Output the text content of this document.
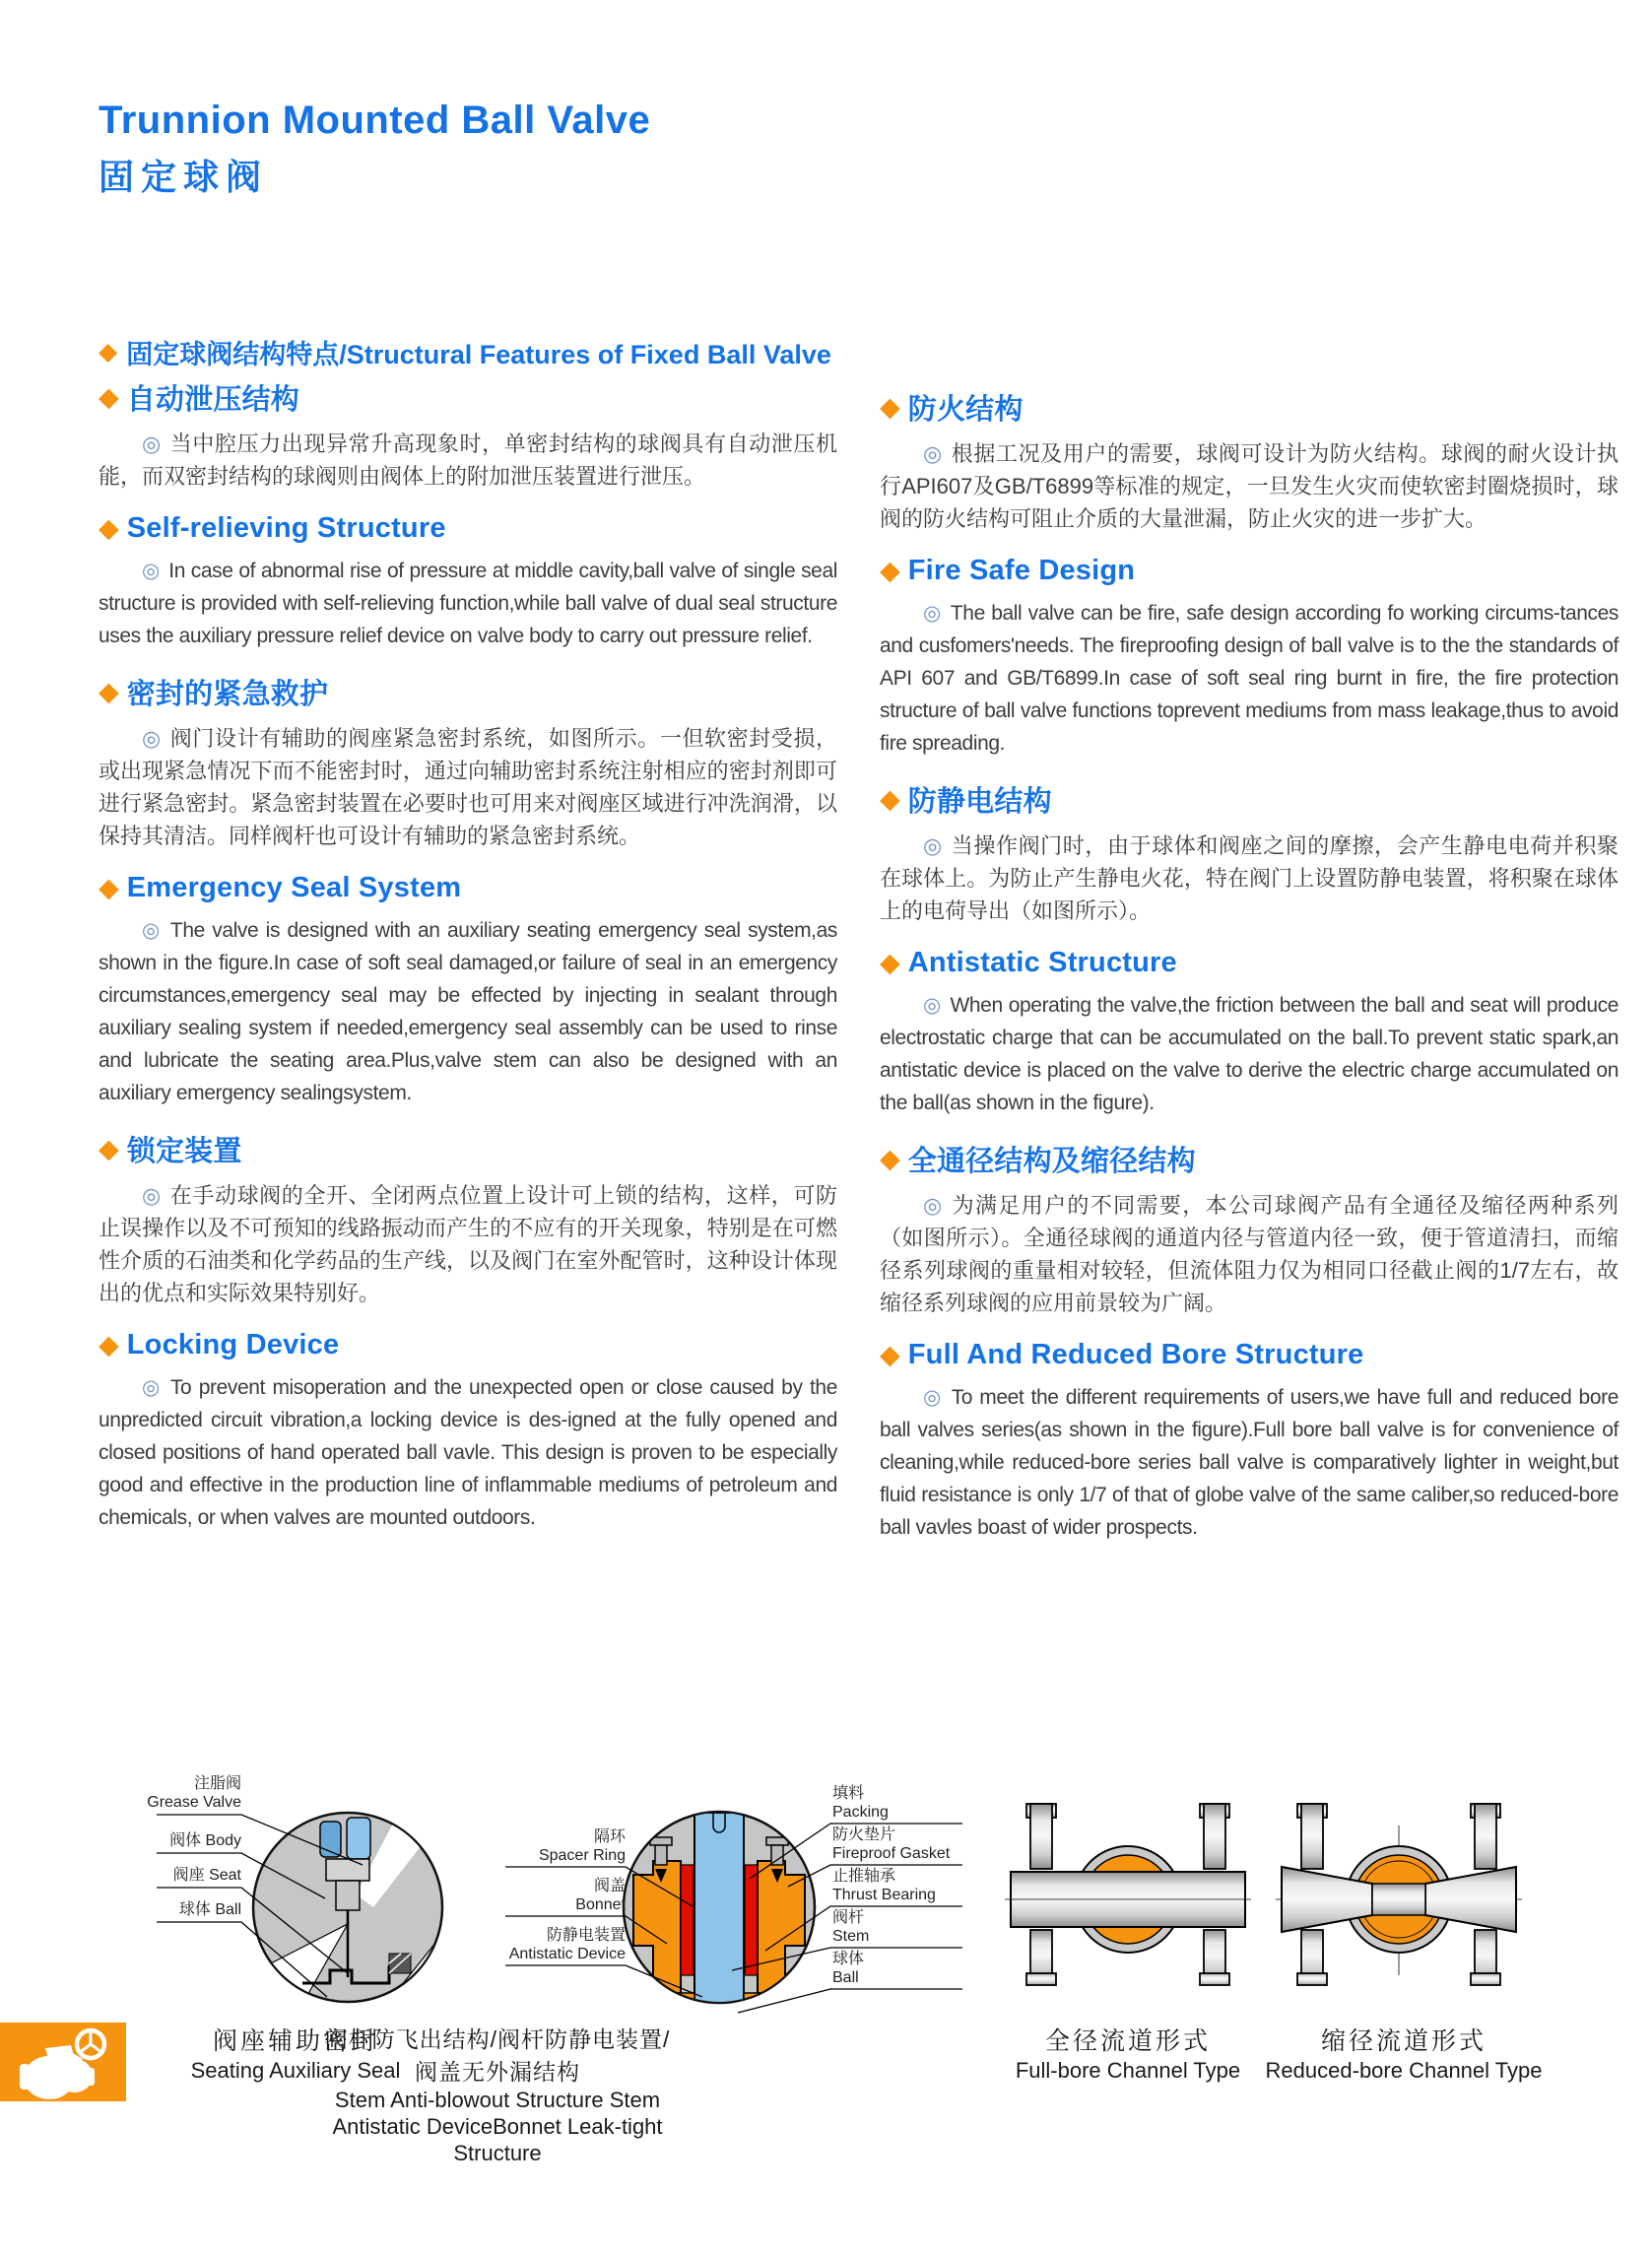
Trunnion Mounted Ball Valve
固定球阀
◆ 固定球阀结构特点/Structural Features of Fixed Ball Valve
◆ 自动泄压结构

◎ 当中腔压力出现异常升高现象时，单密封结构的球阀具有自动泄压机能，而双密封结构的球阀则由阀体上的附加泄压装置进行泄压。

◆ Self-relieving Structure

◎ In case of abnormal rise of pressure at middle cavity,ball valve of single seal structure is provided with self-relieving function,while ball valve of dual seal structure uses the auxiliary pressure relief device on valve body to carry out pressure relief.

◆ 密封的紧急救护

◎ 阀门设计有辅助的阀座紧急密封系统，如图所示。一但软密封受损，或出现紧急情况下而不能密封时，通过向辅助密封系统注射相应的密封剂即可进行紧急密封。紧急密封装置在必要时也可用来对阀座区域进行冲洗润滑，以保持其清洁。同样阀杆也可设计有辅助的紧急密封系统。

◆ Emergency Seal System

◎ The valve is designed with an auxiliary seating emergency seal system,as shown in the figure.In case of soft seal damaged,or failure of seal in an emergency circumstances,emergency seal may be effected by injecting in sealant through auxiliary sealing system if needed,emergency seal assembly can be used to rinse and lubricate the seating area.Plus,valve stem can also be designed with an auxiliary emergency sealingsystem.

◆ 锁定装置

◎ 在手动球阀的全开、全闭两点位置上设计可上锁的结构，这样，可防止误操作以及不可预知的线路振动而产生的不应有的开关现象，特别是在可燃性介质的石油类和化学药品的生产线，以及阀门在室外配管时，这种设计体现出的优点和实际效果特别好。

◆ Locking Device

◎ To prevent misoperation and the unexpected open or close caused by the unpredicted circuit vibration,a locking device is des-igned at the fully opened and closed positions of hand operated ball vavle. This design is proven to be especially good and effective in the production line of inflammable mediums of petroleum and chemicals, or when valves are mounted outdoors.

◆ 防火结构

◎ 根据工况及用户的需要，球阀可设计为防火结构。球阀的耐火设计执行API607及GB/T6899等标准的规定，一旦发生火灾而使软密封圈烧损时，球阀的防火结构可阻止介质的大量泄漏，防止火灾的进一步扩大。

◆ Fire Safe Design

◎ The ball valve can be fire, safe design according fo working circums-tances and cusfomers'needs. The fireproofing design of ball valve is to the the standards of API 607 and GB/T6899.In case of soft seal ring burnt in fire, the fire protection structure of ball valve functions toprevent mediums from mass leakage,thus to avoid fire spreading.

◆ 防静电结构

◎ 当操作阀门时，由于球体和阀座之间的摩擦，会产生静电电荷并积聚在球体上。为防止产生静电火花，特在阀门上设置防静电装置，将积聚在球体上的电荷导出（如图所示）。

◆ Antistatic Structure

◎ When operating the valve,the friction between the ball and seat will produce electrostatic charge that can be accumulated on the ball.To prevent static spark,an antistatic device is placed on the valve to derive the electric charge accumulated on the ball(as shown in the figure).

◆ 全通径结构及缩径结构

◎ 为满足用户的不同需要，本公司球阀产品有全通径及缩径两种系列（如图所示）。全通径球阀的通道内径与管道内径一致，便于管道清扫，而缩径系列球阀的重量相对较轻，但流体阻力仅为相同口径截止阀的1/7左右，故缩径系列球阀的应用前景较为广阔。

◆ Full And Reduced Bore Structure

◎ To meet the different requirements of users,we have full and reduced bore ball valves series(as shown in the figure).Full bore ball valve is for convenience of cleaning,while reduced-bore series ball valve is comparatively lighter in weight,but fluid resistance is only 1/7 of that of globe valve of the same caliber,so reduced-bore ball vavles boast of wider prospects.

注脂阀
Grease Valve
阀体 Body
阀座 Seat
球体 Ball
隔环
Spacer Ring
阀盖
Bonnet
防静电装置
Antistatic Device
填料
Packing
防火垫片
Fireproof Gasket
止推轴承
Thrust Bearing
阀杆
Stem
球体
Ball
阀座辅助密封
Seating Auxiliary Seal
阀杆防飞出结构/阀杆防静电装置/阀盖无外漏结构
Stem Anti-blowout Structure Stem
Antistatic DeviceBonnet Leak-tight Structure
全径流道形式
Full-bore Channel Type
缩径流道形式
Reduced-bore Channel Type
